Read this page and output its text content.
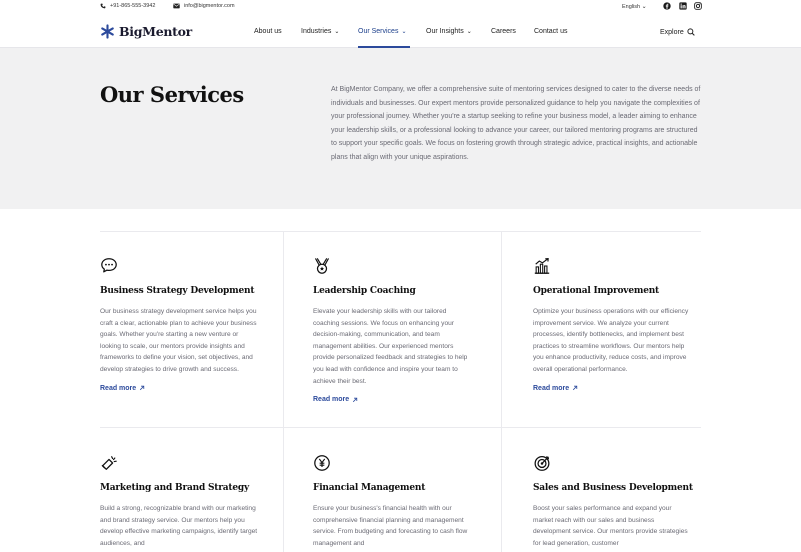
+91-865-555-3942	info@bigmentor.com	English ⌄
BigMentor	About us	Industries ⌄	Our Services ⌄	Our Insights ⌄	Careers	Contact us	Explore
Our Services	At BigMentor Company, we offer a comprehensive suite of mentoring services designed to cater to the diverse needs of individuals and businesses. Our expert mentors provide personalized guidance to help you navigate the complexities of your professional journey. Whether you're a startup seeking to refine your business model, a leader aiming to enhance your leadership skills, or a professional looking to advance your career, our tailored mentoring programs are structured to support your specific goals. We focus on fostering growth through strategic advice, practical insights, and actionable plans that align with your unique aspirations.

Business Strategy Development

Our business strategy development service helps you craft a clear, actionable plan to achieve your business goals. Whether you're starting a new venture or looking to scale, our mentors provide insights and frameworks to define your vision, set objectives, and develop strategies to drive growth and success.

Read more
Leadership Coaching

Elevate your leadership skills with our tailored coaching sessions. We focus on enhancing your decision-making, communication, and team management abilities. Our experienced mentors provide personalized feedback and strategies to help you lead with confidence and inspire your team to achieve their best.

Read more
Operational Improvement

Optimize your business operations with our efficiency improvement service. We analyze your current processes, identify bottlenecks, and implement best practices to streamline workflows. Our mentors help you enhance productivity, reduce costs, and improve overall operational performance.

Read more
Marketing and Brand Strategy

Build a strong, recognizable brand with our marketing and brand strategy service. Our mentors help you develop effective marketing campaigns, identify target audiences, and

Financial Management

Ensure your business's financial health with our comprehensive financial planning and management service. From budgeting and forecasting to cash flow management and

Sales and Business Development

Boost your sales performance and expand your market reach with our sales and business development service. Our mentors provide strategies for lead generation, customer
